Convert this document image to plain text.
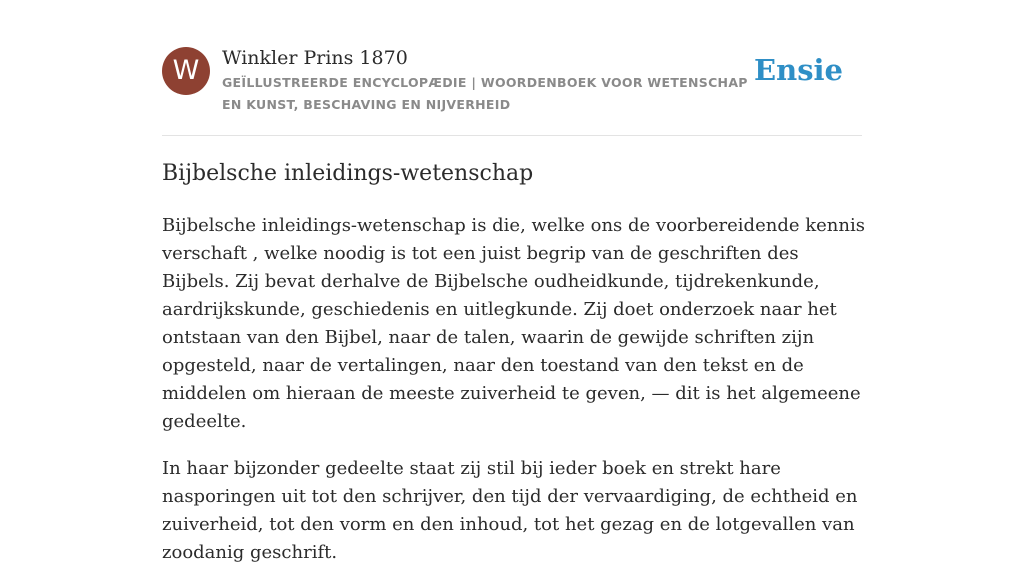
W	Winkler Prins 1870
GEÏLLUSTREERDE ENCYCLOPÆDIE | WOORDENBOEK VOOR WETENSCHAP EN KUNST, BESCHAVING EN NIJVERHEID
Ensie
Bijbelsche inleidings-wetenschap

Bijbelsche inleidings-wetenschap is die, welke ons de voorbereidende kennis verschaft , welke noodig is tot een juist begrip van de geschriften des Bijbels. Zij bevat derhalve de Bijbelsche oudheidkunde, tijdrekenkunde, aardrijkskunde, geschiedenis en uitlegkunde. Zij doet onderzoek naar het ontstaan van den Bijbel, naar de talen, waarin de gewijde schriften zijn opgesteld, naar de vertalingen, naar den toestand van den tekst en de middelen om hieraan de meeste zuiverheid te geven, — dit is het algemeene gedeelte.

In haar bijzonder gedeelte staat zij stil bij ieder boek en strekt hare nasporingen uit tot den schrijver, den tijd der vervaardiging, de echtheid en zuiverheid, tot den vorm en den inhoud, tot het gezag en de lotgevallen van zoodanig geschrift.
